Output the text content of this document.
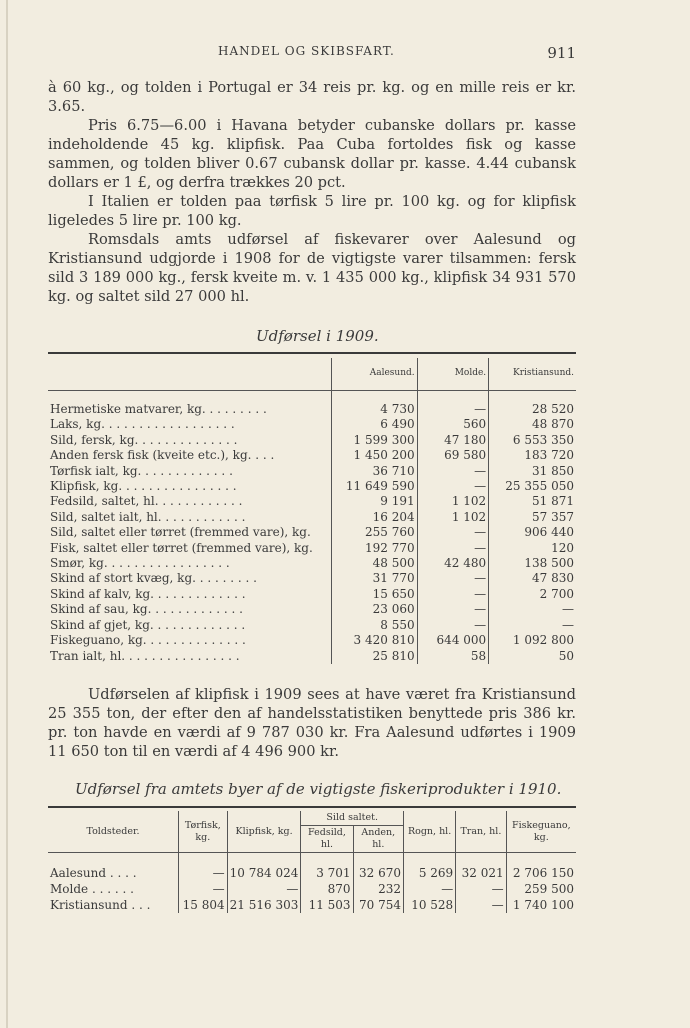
HANDEL OG SKIBSFART.	911

à 60 kg., og tolden i Portugal er 34 reis pr. kg. og en mille reis er kr. 3.65.

Pris 6.75—6.00 i Havana betyder cubanske dollars pr. kasse indeholdende 45 kg. klipfisk. Paa Cuba fortoldes fisk og kasse sammen, og tolden bliver 0.67 cubansk dollar pr. kasse. 4.44 cubansk dollars er 1 £, og derfra trækkes 20 pct.

I Italien er tolden paa tørfisk 5 lire pr. 100 kg. og for klipfisk ligeledes 5 lire pr. 100 kg.

Romsdals amts udførsel af fiskevarer over Aalesund og Kristiansund udgjorde i 1908 for de vigtigste varer tilsammen: fersk sild 3 189 000 kg., fersk kveite m. v. 1 435 000 kg., klipfisk 34 931 570 kg. og saltet sild 27 000 hl.

Udførsel i 1909.
	Aalesund.	Molde.	Kristiansund.
Hermetiske matvarer, kg. . . . . . . . .	4 730	—	28 520
Laks, kg. . . . . . . . . . . . . . . . . .	6 490	560	48 870
Sild, fersk, kg. . . . . . . . . . . . . .	1 599 300	47 180	6 553 350
Anden fersk fisk (kveite etc.), kg. . . .	1 450 200	69 580	183 720
Tørfisk ialt, kg. . . . . . . . . . . . .	36 710	—	31 850
Klipfisk, kg. . . . . . . . . . . . . . . .	11 649 590	—	25 355 050
Fedsild, saltet, hl. . . . . . . . . . . .	9 191	1 102	51 871
Sild, saltet ialt, hl. . . . . . . . . . . .	16 204	1 102	57 357
Sild, saltet eller tørret (fremmed vare), kg.	255 760	—	906 440
Fisk, saltet eller tørret (fremmed vare), kg.	192 770	—	120
Smør, kg. . . . . . . . . . . . . . . . .	48 500	42 480	138 500
Skind af stort kvæg, kg. . . . . . . . .	31 770	—	47 830
Skind af kalv, kg. . . . . . . . . . . . .	15 650	—	2 700
Skind af sau, kg. . . . . . . . . . . . .	23 060	—	—
Skind af gjet, kg. . . . . . . . . . . . .	8 550	—	—
Fiskeguano, kg. . . . . . . . . . . . . .	3 420 810	644 000	1 092 800
Tran ialt, hl. . . . . . . . . . . . . . . .	25 810	58	50

Udførselen af klipfisk i 1909 sees at have været fra Kristiansund 25 355 ton, der efter den af handelsstatistiken benyttede pris 386 kr. pr. ton havde en værdi af 9 787 030 kr. Fra Aalesund udførtes i 1909 11 650 ton til en værdi af 4 496 900 kr.

Udførsel fra amtets byer af de vigtigste fiskeriprodukter i 1910.
Toldsteder.	Tørfisk, kg.	Klipfisk, kg.	Sild saltet.		Rogn, hl.	Tran, hl.	Fiskeguano, kg.
			Fedsild, hl.	Anden, hl.			
Aalesund . . . .	—	10 784 024	3 701	32 670	5 269	32 021	2 706 150
Molde . . . . . .	—	—	870	232	—	—	259 500
Kristiansund . . .	15 804	21 516 303	11 503	70 754	10 528	—	1 740 100
